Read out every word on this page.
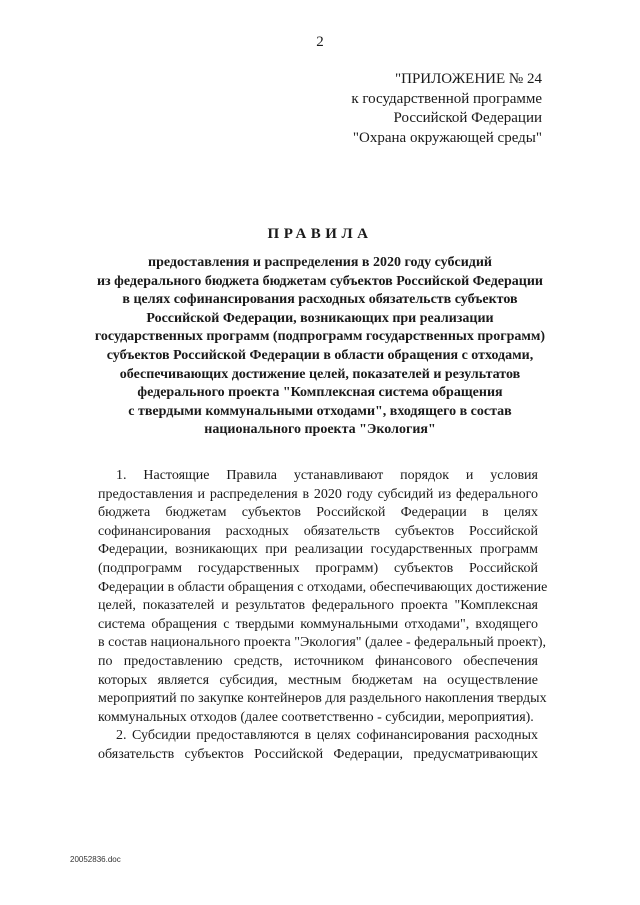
2
"ПРИЛОЖЕНИЕ № 24
к государственной программе
Российской Федерации
"Охрана окружающей среды"
ПРАВИЛА
предоставления и распределения в 2020 году субсидий
из федерального бюджета бюджетам субъектов Российской Федерации
в целях софинансирования расходных обязательств субъектов
Российской Федерации, возникающих при реализации
государственных программ (подпрограмм государственных программ)
субъектов Российской Федерации в области обращения с отходами,
обеспечивающих достижение целей, показателей и результатов
федерального проекта "Комплексная система обращения
с твердыми коммунальными отходами", входящего в состав
национального проекта "Экология"
1. Настоящие Правила устанавливают порядок и условия
предоставления и распределения в 2020 году субсидий из федерального
бюджета бюджетам субъектов Российской Федерации в целях
софинансирования расходных обязательств субъектов Российской
Федерации, возникающих при реализации государственных программ
(подпрограмм государственных программ) субъектов Российской
Федерации в области обращения с отходами, обеспечивающих достижение
целей, показателей и результатов федерального проекта "Комплексная
система обращения с твердыми коммунальными отходами", входящего
в состав национального проекта "Экология" (далее - федеральный проект),
по предоставлению средств, источником финансового обеспечения
которых является субсидия, местным бюджетам на осуществление
мероприятий по закупке контейнеров для раздельного накопления твердых
коммунальных отходов (далее соответственно - субсидии, мероприятия).
2. Субсидии предоставляются в целях софинансирования расходных
обязательств субъектов Российской Федерации, предусматривающих
20052836.doc
